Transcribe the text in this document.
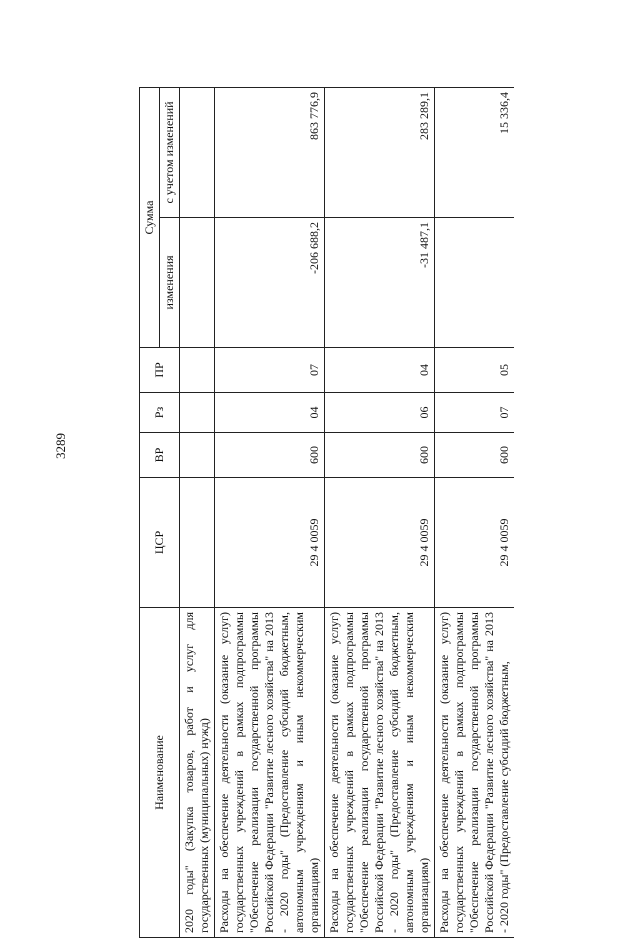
3289
Наименование	ЦСР	ВР	Рз	ПР	Сумма	
					изменения	с учетом изменений
2020 годы" (Закупка товаров, работ и услуг для государственных (муниципальных) нужд)						
Расходы на обеспечение деятельности (оказание услуг) государственных учреждений в рамках подпрограммы "Обеспечение реализации государственной программы Российской Федерации "Развитие лесного хозяйства" на 2013 - 2020 годы" (Предоставление субсидий бюджетным, автономным учреждениям и иным некоммерческим организациям)	29 4 0059	600	04	07	-206 688,2	863 776,9
Расходы на обеспечение деятельности (оказание услуг) государственных учреждений в рамках подпрограммы "Обеспечение реализации государственной программы Российской Федерации "Развитие лесного хозяйства" на 2013 - 2020 годы" (Предоставление субсидий бюджетным, автономным учреждениям и иным некоммерческим организациям)	29 4 0059	600	06	04	-31 487,1	283 289,1
Расходы на обеспечение деятельности (оказание услуг) государственных учреждений в рамках подпрограммы "Обеспечение реализации государственной программы Российской Федерации "Развитие лесного хозяйства" на 2013 - 2020 годы" (Предоставление субсидий бюджетным,	29 4 0059	600	07	05		15 336,4
